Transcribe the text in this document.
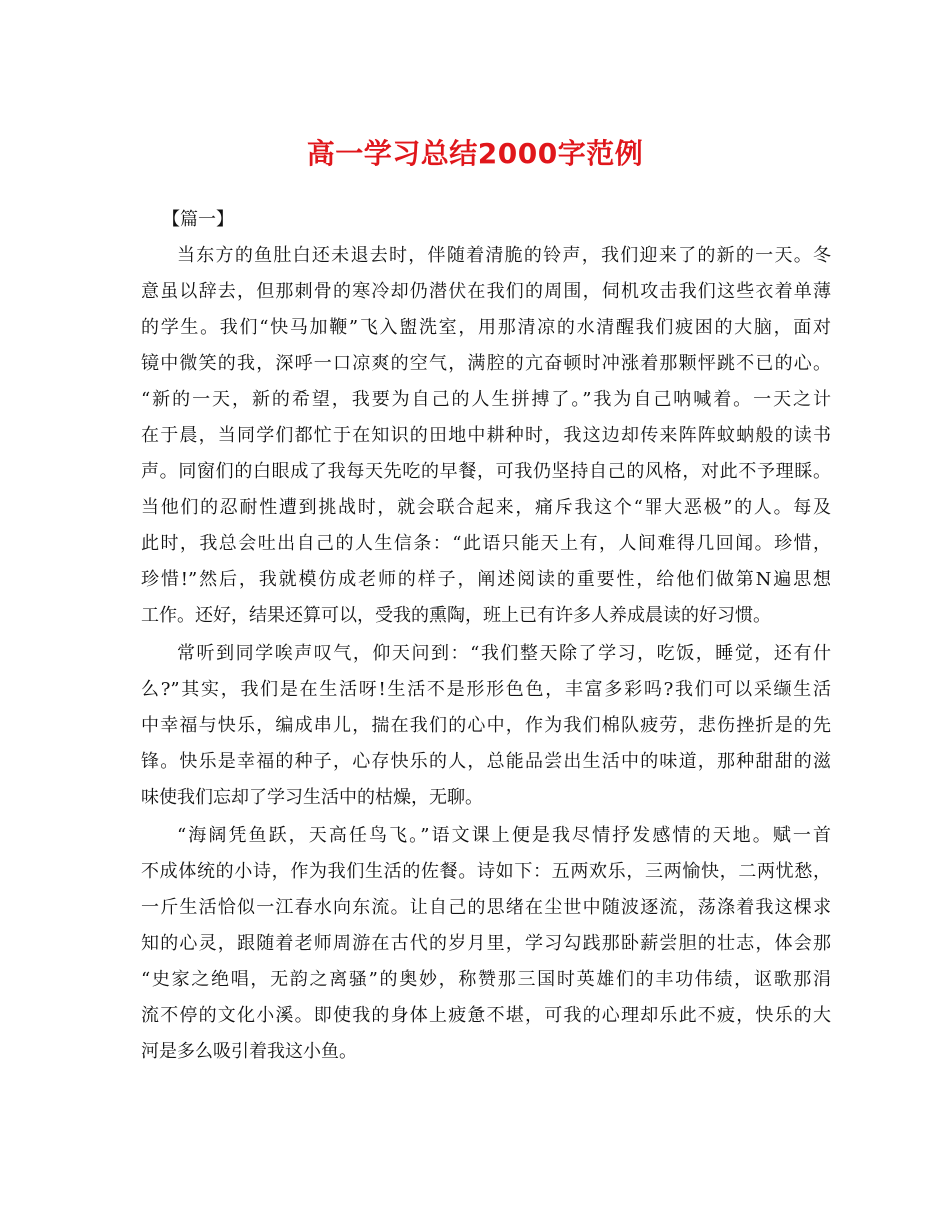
高一学习总结2000字范例
【篇一】
当东方的鱼肚白还未退去时，伴随着清脆的铃声，我们迎来了的新的一天。冬
意虽以辞去，但那刺骨的寒冷却仍潜伏在我们的周围，伺机攻击我们这些衣着单薄
的学生。我们“快马加鞭”飞入盥洗室，用那清凉的水清醒我们疲困的大脑，面对
镜中微笑的我，深呼一口凉爽的空气，满腔的亢奋顿时冲涨着那颗怦跳不已的心。
“新的一天，新的希望，我要为自己的人生拼搏了。”我为自己呐喊着。一天之计
在于晨，当同学们都忙于在知识的田地中耕种时，我这边却传来阵阵蚊蚋般的读书
声。同窗们的白眼成了我每天先吃的早餐，可我仍坚持自己的风格，对此不予理睬。
当他们的忍耐性遭到挑战时，就会联合起来，痛斥我这个“罪大恶极”的人。每及
此时，我总会吐出自己的人生信条：“此语只能天上有，人间难得几回闻。珍惜，
珍惜!”然后，我就模仿成老师的样子，阐述阅读的重要性，给他们做第N遍思想
工作。还好，结果还算可以，受我的熏陶，班上已有许多人养成晨读的好习惯。
常听到同学唉声叹气，仰天问到：“我们整天除了学习，吃饭，睡觉，还有什
么?”其实，我们是在生活呀!生活不是形形色色，丰富多彩吗?我们可以采缬生活
中幸福与快乐，编成串儿，揣在我们的心中，作为我们棉队疲劳，悲伤挫折是的先
锋。快乐是幸福的种子，心存快乐的人，总能品尝出生活中的味道，那种甜甜的滋
味使我们忘却了学习生活中的枯燥，无聊。
“海阔凭鱼跃，天高任鸟飞。”语文课上便是我尽情抒发感情的天地。赋一首
不成体统的小诗，作为我们生活的佐餐。诗如下：五两欢乐，三两愉快，二两忧愁，
一斤生活恰似一江春水向东流。让自己的思绪在尘世中随波逐流，荡涤着我这棵求
知的心灵，跟随着老师周游在古代的岁月里，学习勾践那卧薪尝胆的壮志，体会那
“史家之绝唱，无韵之离骚”的奥妙，称赞那三国时英雄们的丰功伟绩，讴歌那涓
流不停的文化小溪。即使我的身体上疲惫不堪，可我的心理却乐此不疲，快乐的大
河是多么吸引着我这小鱼。
